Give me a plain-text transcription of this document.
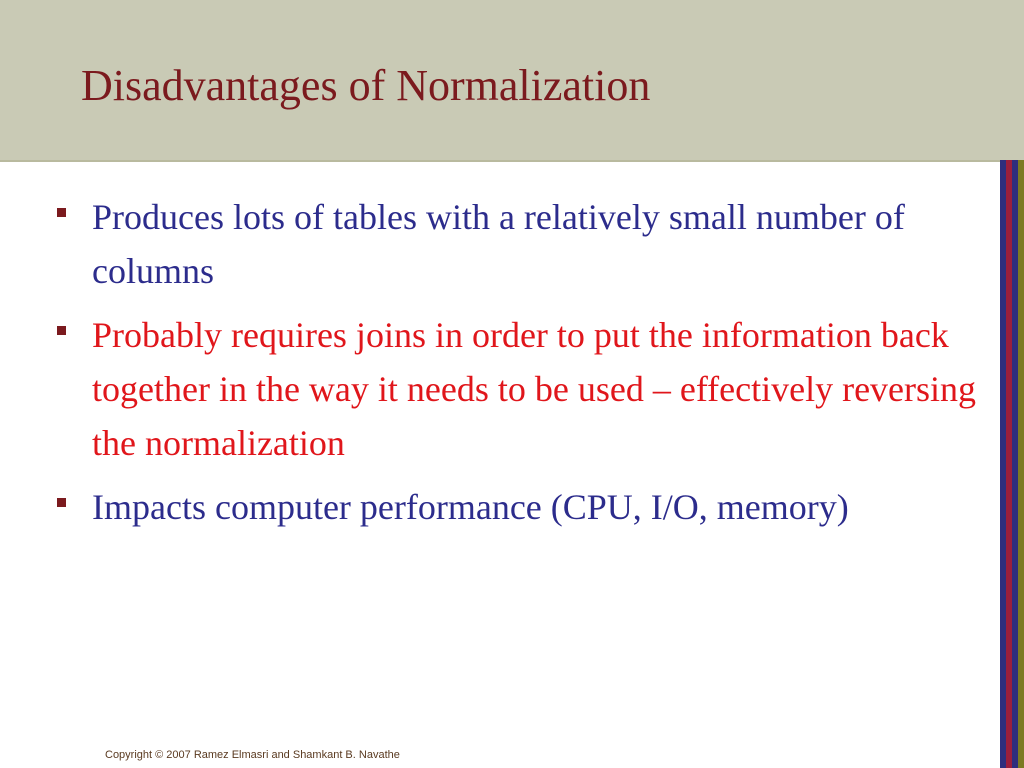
Disadvantages of Normalization
Produces lots of tables with a relatively small number of columns
Probably requires joins in order to put the information back together in the way it needs to be used – effectively reversing the normalization
Impacts computer performance (CPU, I/O, memory)
Copyright © 2007 Ramez Elmasri and Shamkant B. Navathe
